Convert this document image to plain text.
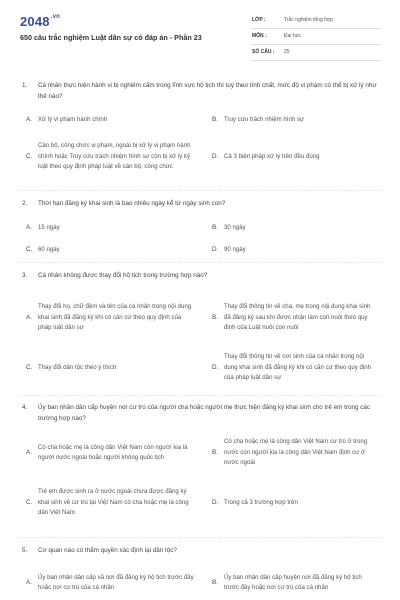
$2048^{.vn}$
650 câu trắc nghiệm Luật dân sự có đáp án - Phần 23
LỚP :	Trắc nghiệm tổng hợp
MÔN :	Đại học
SỐ CÂU : 25
1. Cá nhân thực hiện hành vi bị nghiêm cấm trong lĩnh vực hộ tịch thì tuỳ theo tính chất, mức độ vi phạm có thể bị xử lý như thế nào?
A. Xử lý vi phạm hành chính	B. Truy cứu trách nhiệm hình sự
C.
Cán bộ, công chức vi phạm, ngoài bị xử lý vi phạm hành chính hoặc Truy cứu trách nhiệm hình sự còn bị xử lý kỷ luật theo quy định pháp luật về cán bộ, công chức
D. Cả 3 biện pháp xử lý trên đều đúng
2. Thời hạn đăng ký khai sinh là bao nhiêu ngày kể từ ngày sinh con?
A. 15 ngày	B. 30 ngày
C. 60 ngày	D. 90 ngày
3. Cá nhân không được thay đổi hộ tịch trong trường hợp nào?
A.
Thay đổi họ, chữ đệm và tên của cá nhân trong nội dung khai sinh đã đăng ký khi có căn cứ theo quy định của pháp luật dân sự
B.
Thay đổi thông tin về cha, mẹ trong nội dung khai sinh đã đăng ký sau khi được nhận làm con nuôi theo quy định của Luật nuôi con nuôi
C. Thay đổi dân tộc theo ý thích	D.
Thay đổi thông tin về nơi sinh của cá nhân trong nội dung khai sinh đã đăng ký khi có căn cứ theo quy định của pháp luật dân sự
4. Ủy ban nhân dân cấp huyện nơi cư trú của người cha hoặc người mẹ thực hiện đăng ký khai sinh cho trẻ em trong các trường hợp nào?
A.
Có cha hoặc mẹ là công dân Việt Nam còn người kia là người nước ngoài hoặc người không quốc tịch
B.
Có cha hoặc mẹ là công dân Việt Nam cư trú ở trong nước còn người kia là công dân Việt Nam định cư ở nước ngoài
C.
Trẻ em được sinh ra ở nước ngoài chưa được đăng ký khai sinh về cư trú tại Việt Nam có cha hoặc mẹ là công dân Việt Nam
D. Trong cả 3 trường hợp trên
5. Cơ quan nào có thẩm quyền xác định lại dân tộc?
A.
Ủy ban nhân dân cấp xã nơi đã đăng ký hộ tịch trước đây hoặc nơi cư trú của cá nhân
B.
Ủy ban nhân dân cấp huyện nơi đã đăng ký hộ tịch trước đây hoặc nơi cư trú của cá nhân
